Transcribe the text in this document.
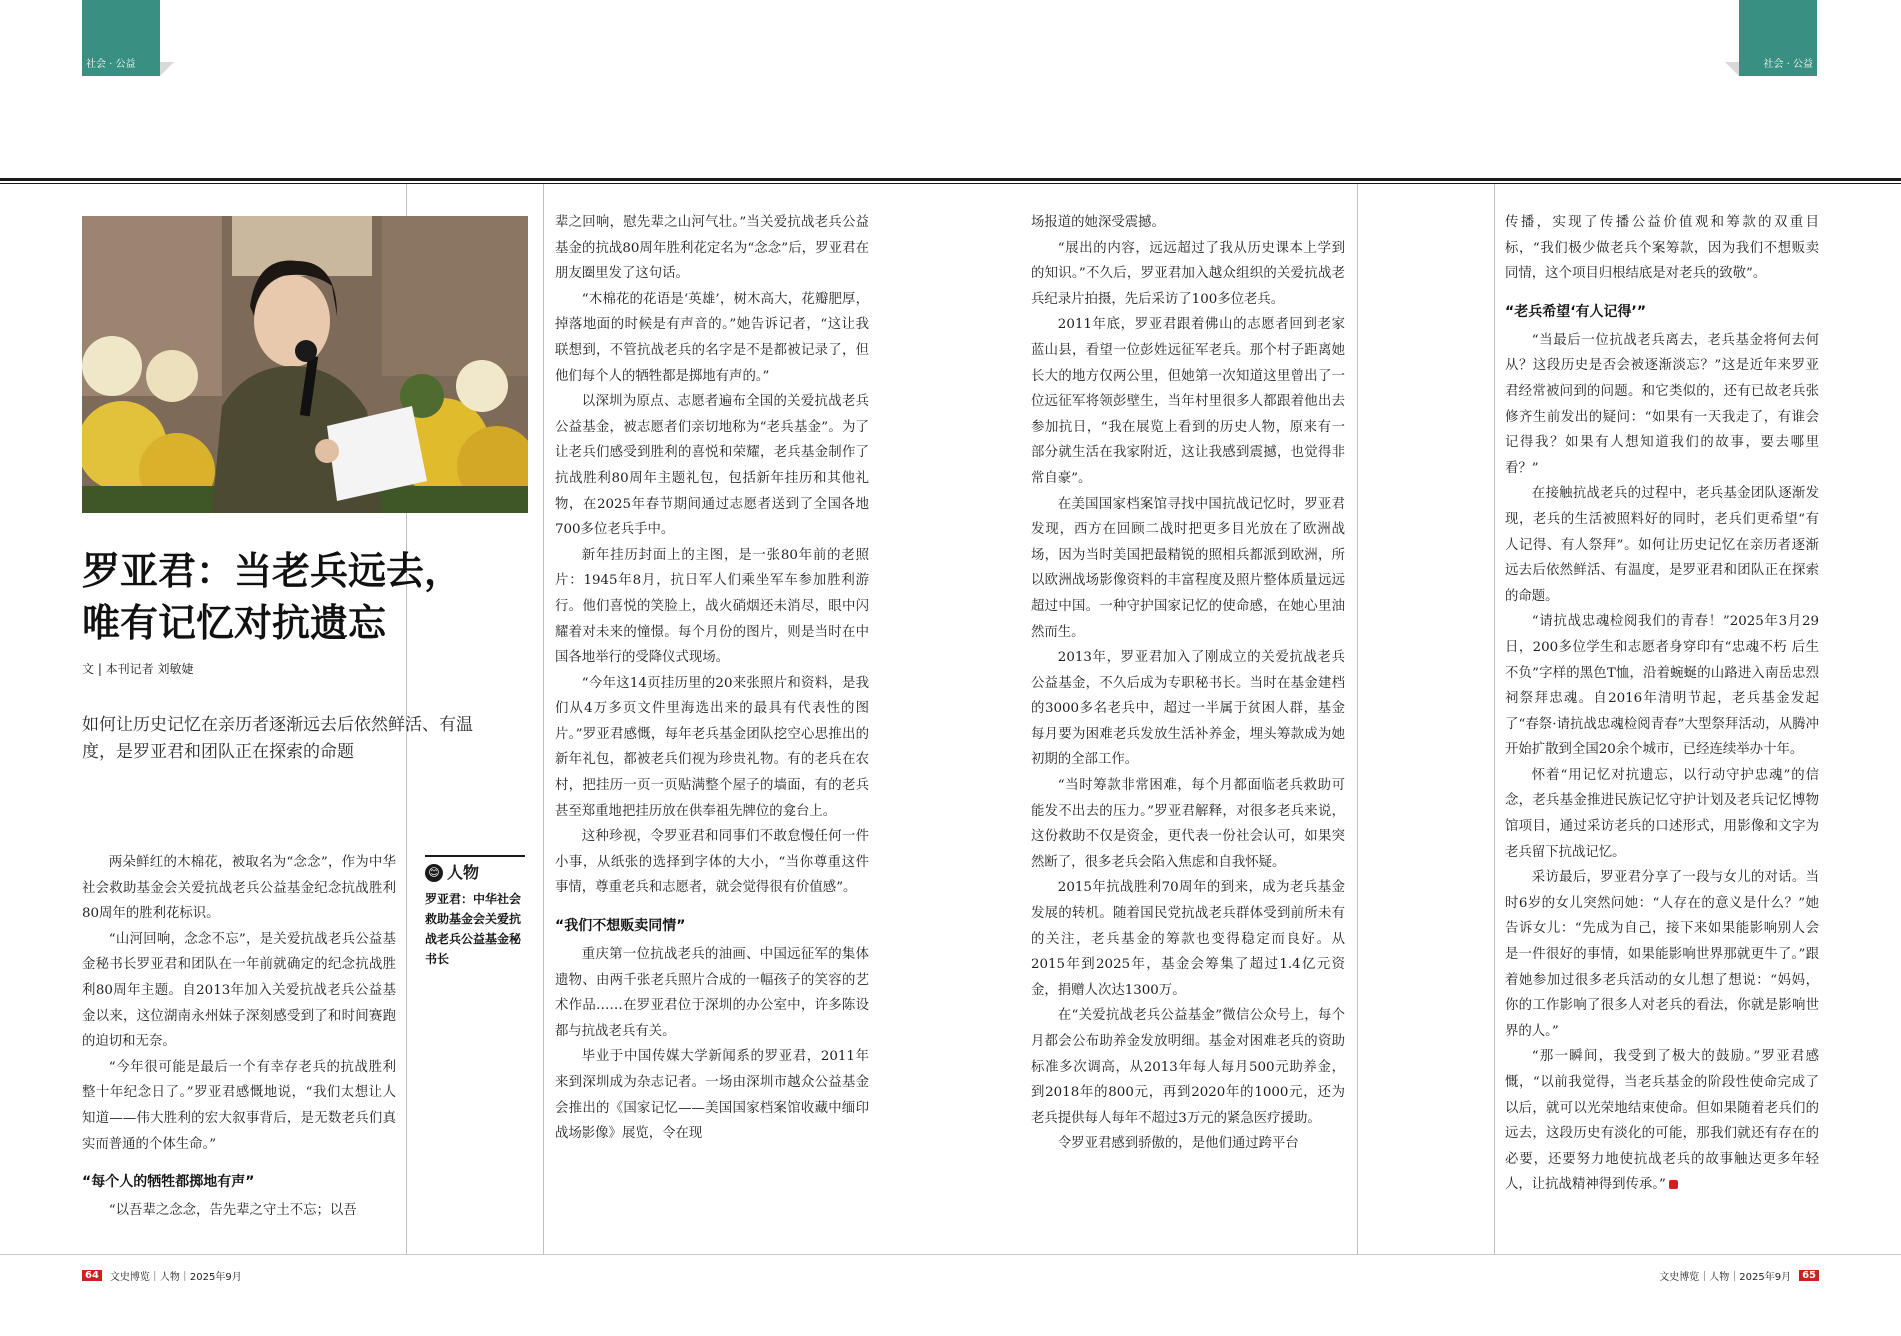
社会 · 公益	社会 · 公益
罗亚君：当老兵远去，
唯有记忆对抗遗忘
文 | 本刊记者 刘敏婕
如何让历史记忆在亲历者逐渐远去后依然鲜活、有温度，是罗亚君和团队正在探索的命题

两朵鲜红的木棉花，被取名为“念念”，作为中华社会救助基金会关爱抗战老兵公益基金纪念抗战胜利80周年的胜利花标识。

“山河回响，念念不忘”，是关爱抗战老兵公益基金秘书长罗亚君和团队在一年前就确定的纪念抗战胜利80周年主题。自2013年加入关爱抗战老兵公益基金以来，这位湖南永州妹子深刻感受到了和时间赛跑的迫切和无奈。

“今年很可能是最后一个有幸存老兵的抗战胜利整十年纪念日了。”罗亚君感慨地说，“我们太想让人知道——伟大胜利的宏大叙事背后，是无数老兵们真实而普通的个体生命。”

“每个人的牺牲都掷地有声”

“以吾辈之念念，告先辈之守土不忘；以吾

辈之回响，慰先辈之山河气壮。”当关爱抗战老兵公益基金的抗战80周年胜利花定名为“念念”后，罗亚君在朋友圈里发了这句话。

“木棉花的花语是‘英雄’，树木高大，花瓣肥厚，掉落地面的时候是有声音的。”她告诉记者，“这让我联想到，不管抗战老兵的名字是不是都被记录了，但他们每个人的牺牲都是掷地有声的。”

以深圳为原点、志愿者遍布全国的关爱抗战老兵公益基金，被志愿者们亲切地称为“老兵基金”。为了让老兵们感受到胜利的喜悦和荣耀，老兵基金制作了抗战胜利80周年主题礼包，包括新年挂历和其他礼物，在2025年春节期间通过志愿者送到了全国各地700多位老兵手中。

新年挂历封面上的主图，是一张80年前的老照片：1945年8月，抗日军人们乘坐军车参加胜利游行。他们喜悦的笑脸上，战火硝烟还未消尽，眼中闪耀着对未来的憧憬。每个月份的图片，则是当时在中国各地举行的受降仪式现场。

“今年这14页挂历里的20来张照片和资料，是我们从4万多页文件里海选出来的最具有代表性的图片。”罗亚君感慨，每年老兵基金团队挖空心思推出的新年礼包，都被老兵们视为珍贵礼物。有的老兵在农村，把挂历一页一页贴满整个屋子的墙面，有的老兵甚至郑重地把挂历放在供奉祖先牌位的龛台上。

这种珍视，令罗亚君和同事们不敢怠慢任何一件小事，从纸张的选择到字体的大小，“当你尊重这件事情，尊重老兵和志愿者，就会觉得很有价值感”。

“我们不想贩卖同情”

重庆第一位抗战老兵的油画、中国远征军的集体遗物、由两千张老兵照片合成的一幅孩子的笑容的艺术作品……在罗亚君位于深圳的办公室中，许多陈设都与抗战老兵有关。

毕业于中国传媒大学新闻系的罗亚君，2011年来到深圳成为杂志记者。一场由深圳市越众公益基金会推出的《国家记忆——美国国家档案馆收藏中缅印战场影像》展览，令在现

场报道的她深受震撼。

“展出的内容，远远超过了我从历史课本上学到的知识。”不久后，罗亚君加入越众组织的关爱抗战老兵纪录片拍摄，先后采访了100多位老兵。

2011年底，罗亚君跟着佛山的志愿者回到老家蓝山县，看望一位彭姓远征军老兵。那个村子距离她长大的地方仅两公里，但她第一次知道这里曾出了一位远征军将领彭壁生，当年村里很多人都跟着他出去参加抗日，“我在展览上看到的历史人物，原来有一部分就生活在我家附近，这让我感到震撼，也觉得非常自豪”。

在美国国家档案馆寻找中国抗战记忆时，罗亚君发现，西方在回顾二战时把更多目光放在了欧洲战场，因为当时美国把最精锐的照相兵都派到欧洲，所以欧洲战场影像资料的丰富程度及照片整体质量远远超过中国。一种守护国家记忆的使命感，在她心里油然而生。

2013年，罗亚君加入了刚成立的关爱抗战老兵公益基金，不久后成为专职秘书长。当时在基金建档的3000多名老兵中，超过一半属于贫困人群，基金每月要为困难老兵发放生活补养金，埋头筹款成为她初期的全部工作。

“当时筹款非常困难，每个月都面临老兵救助可能发不出去的压力。”罗亚君解释，对很多老兵来说，这份救助不仅是资金，更代表一份社会认可，如果突然断了，很多老兵会陷入焦虑和自我怀疑。

2015年抗战胜利70周年的到来，成为老兵基金发展的转机。随着国民党抗战老兵群体受到前所未有的关注，老兵基金的筹款也变得稳定而良好。从2015年到2025年，基金会筹集了超过1.4亿元资金，捐赠人次达1300万。

在“关爱抗战老兵公益基金”微信公众号上，每个月都会公布助养金发放明细。基金对困难老兵的资助标准多次调高，从2013年每人每月500元助养金，到2018年的800元，再到2020年的1000元，还为老兵提供每人每年不超过3万元的紧急医疗援助。

令罗亚君感到骄傲的，是他们通过跨平台

传播，实现了传播公益价值观和筹款的双重目标，“我们极少做老兵个案筹款，因为我们不想贩卖同情，这个项目归根结底是对老兵的致敬”。

“老兵希望‘有人记得’”

“当最后一位抗战老兵离去，老兵基金将何去何从？这段历史是否会被逐渐淡忘？”这是近年来罗亚君经常被问到的问题。和它类似的，还有已故老兵张修齐生前发出的疑问：“如果有一天我走了，有谁会记得我？如果有人想知道我们的故事，要去哪里看？”

在接触抗战老兵的过程中，老兵基金团队逐渐发现，老兵的生活被照料好的同时，老兵们更希望“有人记得、有人祭拜”。如何让历史记忆在亲历者逐渐远去后依然鲜活、有温度，是罗亚君和团队正在探索的命题。

“请抗战忠魂检阅我们的青春！”2025年3月29日，200多位学生和志愿者身穿印有“忠魂不朽 后生不负”字样的黑色T恤，沿着蜿蜒的山路进入南岳忠烈祠祭拜忠魂。自2016年清明节起，老兵基金发起了“春祭·请抗战忠魂检阅青春”大型祭拜活动，从腾冲开始扩散到全国20余个城市，已经连续举办十年。

怀着“用记忆对抗遗忘，以行动守护忠魂”的信念，老兵基金推进民族记忆守护计划及老兵记忆博物馆项目，通过采访老兵的口述形式，用影像和文字为老兵留下抗战记忆。

采访最后，罗亚君分享了一段与女儿的对话。当时6岁的女儿突然问她：“人存在的意义是什么？”她告诉女儿：“先成为自己，接下来如果能影响别人会是一件很好的事情，如果能影响世界那就更牛了。”跟着她参加过很多老兵活动的女儿想了想说：“妈妈，你的工作影响了很多人对老兵的看法，你就是影响世界的人。”

“那一瞬间，我受到了极大的鼓励。”罗亚君感慨，“以前我觉得，当老兵基金的阶段性使命完成了以后，就可以光荣地结束使命。但如果随着老兵们的远去，这段历史有淡化的可能，那我们就还有存在的必要，还要努力地使抗战老兵的故事触达更多年轻人，让抗战精神得到传承。”

😊 人物
罗亚君：中华社会救助基金会关爱抗战老兵公益基金秘书长
64	文史博览｜人物｜2025年9月	文史博览｜人物｜2025年9月	65
